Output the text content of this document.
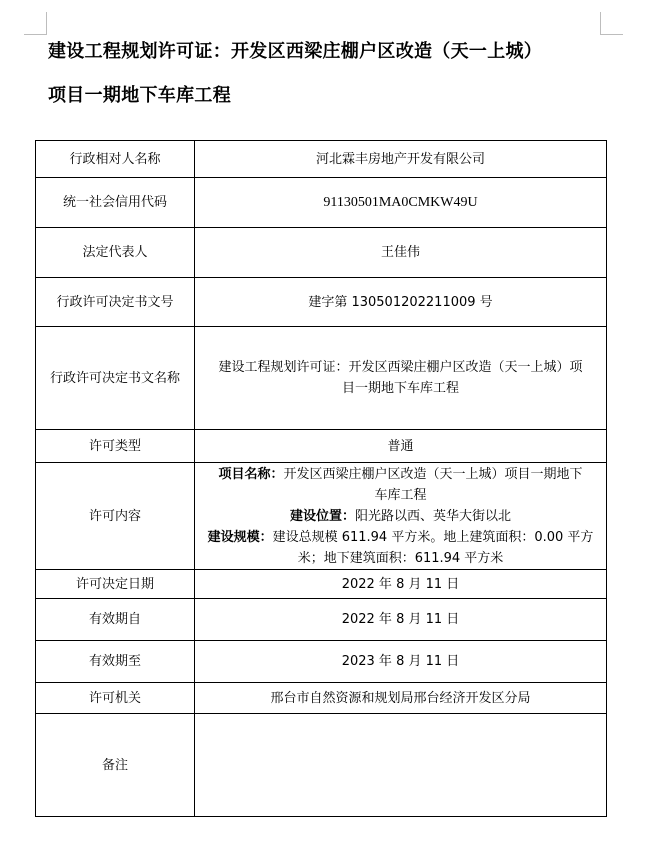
建设工程规划许可证：开发区西梁庄棚户区改造（天一上城）
项目一期地下车库工程
行政相对人名称	河北霖丰房地产开发有限公司
统一社会信用代码	91130501MA0CMKW49U
法定代表人	王佳伟
行政许可决定书文号	建字第 130501202211009 号
行政许可决定书文名称	建设工程规划许可证：开发区西梁庄棚户区改造（天一上城）项
目一期地下车库工程

许可类型	普通
许可内容	项目名称：开发区西梁庄棚户区改造（天一上城）项目一期地下
车库工程
建设位置：阳光路以西、英华大街以北
建设规模：建设总规模 611.94 平方米。地上建筑面积：0.00 平方
米；地下建筑面积：611.94 平方米

许可决定日期	2022 年 8 月 11 日
有效期自	2022 年 8 月 11 日
有效期至	2023 年 8 月 11 日
许可机关	邢台市自然资源和规划局邢台经济开发区分局
备注	
